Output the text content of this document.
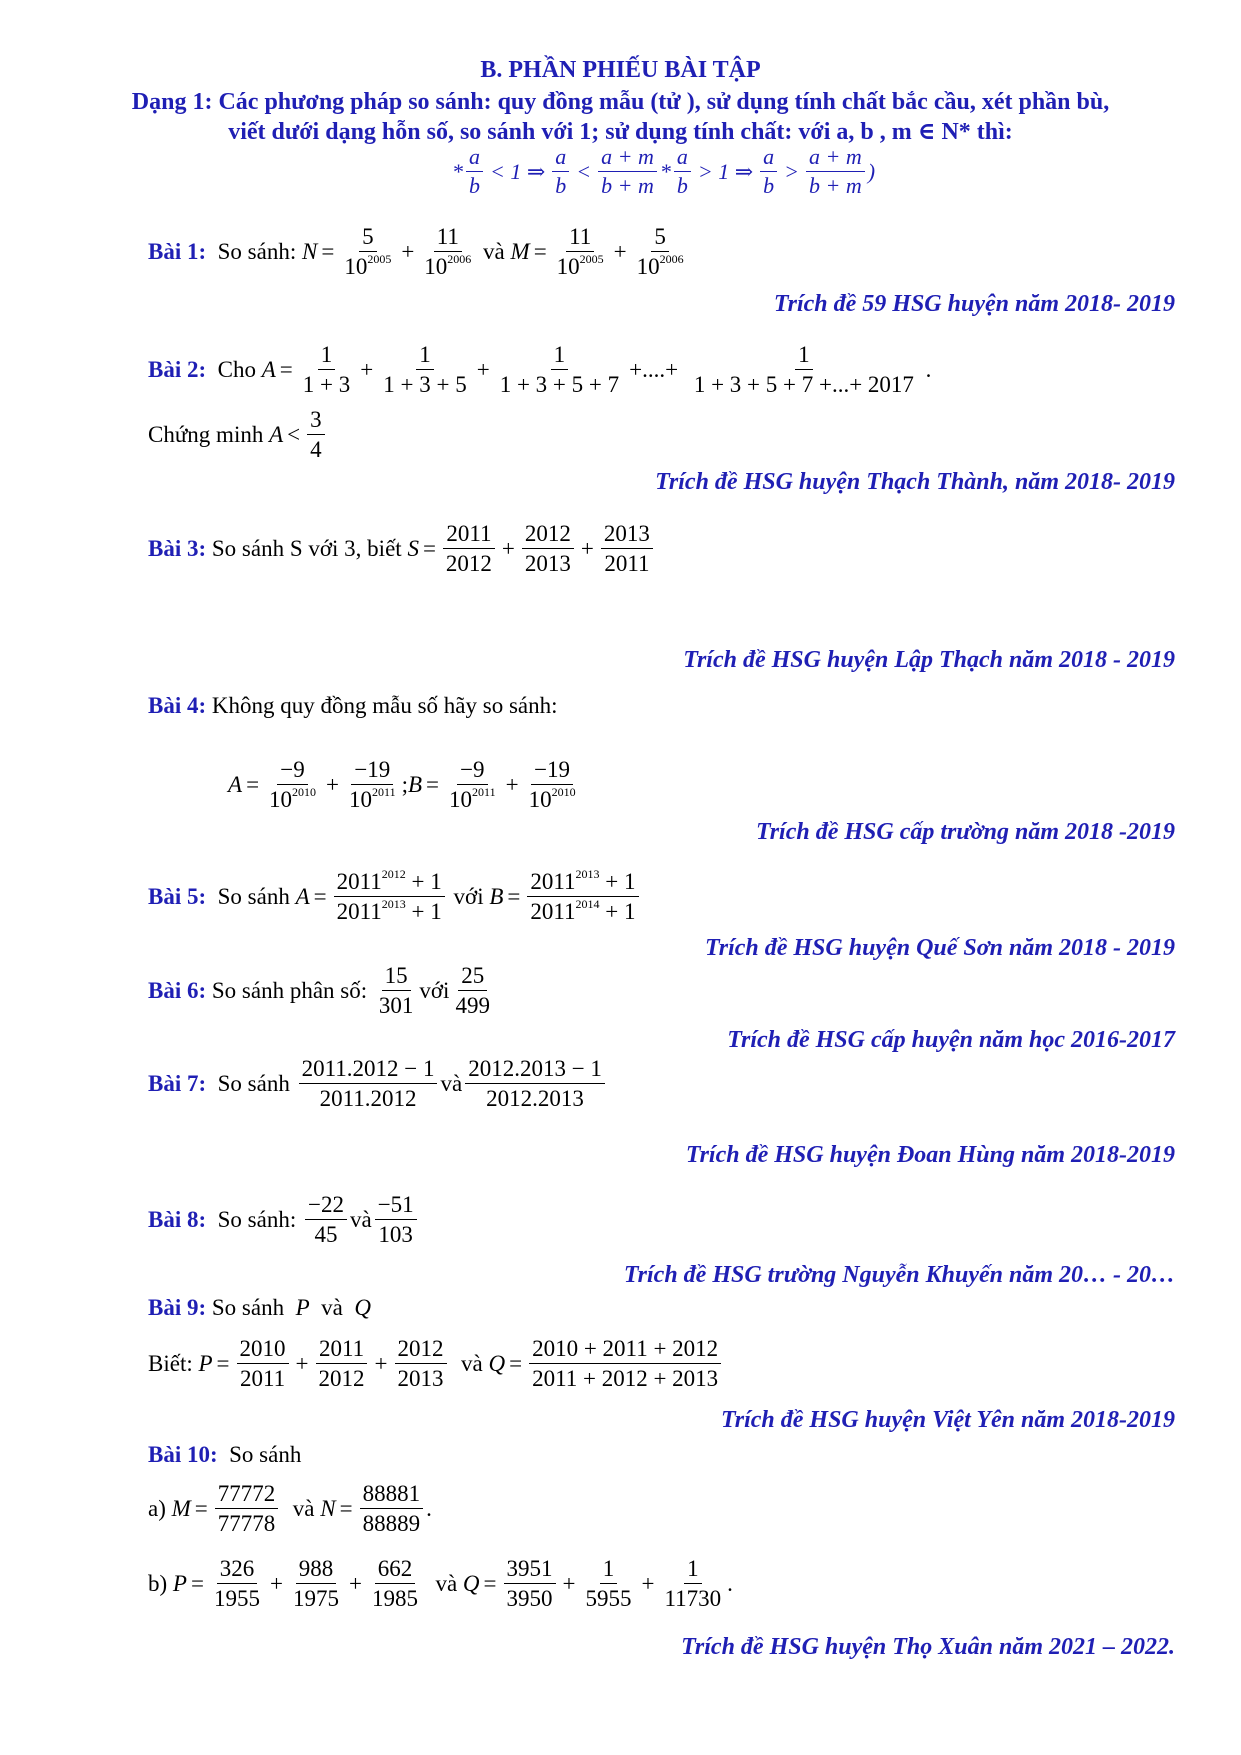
B. PHẦN PHIẾU BÀI TẬP
Dạng 1: Các phương pháp so sánh: quy đồng mẫu (tử ), sử dụng tính chất bắc cầu, xét phần bù,
viết dưới dạng hỗn số, so sánh với 1; sử dụng tính chất: với a, b , m ∈ N* thì:
* $\frac{a}{b} < 1$ ⇒ $\frac{a}{b} < \frac{a + m}{b + m} * \frac{a}{b} > 1$ ⇒ $\frac{a}{b} > \frac{a + m}{b + m}$ )
Bài 1:
So sánh:
$N = \frac{5}{10^{2005}} + \frac{11}{10^{2006}}$
và
$M = \frac{11}{10^{2005}} + \frac{5}{10^{2006}}$
Trích đề 59 HSG huyện năm 2018- 2019
Bài 2:
Cho
$A = \frac{1}{1 + 3} + \frac{1}{1 + 3 + 5} + \frac{1}{1 + 3 + 5 + 7}$ +....+ $\frac{1}{1 + 3 + 5 + 7 +...+ 2017}$ .
Chứng minh
$A < \frac{3}{4}$
Trích đề HSG huyện Thạch Thành, năm 2018- 2019
Bài 3:
So sánh S với 3, biết
$S = \frac{2011}{2012} + \frac{2012}{2013} + \frac{2013}{2011}$
Trích đề HSG huyện Lập Thạch năm 2018 - 2019
Bài 4: Không quy đồng mẫu số hãy so sánh:
$A = \frac{-9}{10^{2010}} + \frac{-19}{10^{2011}}$ ; $B = \frac{-9}{10^{2011}} + \frac{-19}{10^{2010}}$
Trích đề HSG cấp trường năm 2018 -2019
Bài 5:
So sánh
$A = \frac{2011^{2012} + 1}{2011^{2013} + 1}$
với
$B = \frac{2011^{2013} + 1}{2011^{2014} + 1}$
Trích đề HSG huyện Quế Sơn năm 2018 - 2019
Bài 6:
So sánh phân số:
$\frac{15}{301}$ với $\frac{25}{499}$
Trích đề HSG cấp huyện năm học 2016-2017
Bài 7:
So sánh
$\frac{2011.2012 - 1}{2011.2012}$ và $\frac{2012.2013 - 1}{2012.2013}$
Trích đề HSG huyện Đoan Hùng năm 2018-2019
Bài 8:
So sánh:
$\frac{-22}{45}$ và $\frac{-51}{103}$
Trích đề HSG trường Nguyễn Khuyến năm 20… - 20…
Bài 9: So sánh  P  và  Q
Biết:
$P = \frac{2010}{2011} + \frac{2011}{2012} + \frac{2012}{2013}$
và
$Q = \frac{2010 + 2011 + 2012}{2011 + 2012 + 2013}$
Trích đề HSG huyện Việt Yên năm 2018-2019
Bài 10: So sánh
a)
$M = \frac{77772}{77778}$
và
$N = \frac{88881}{88889}$ .
b)
$P = \frac{326}{1955} + \frac{988}{1975} + \frac{662}{1985}$
và
$Q = \frac{3951}{3950} + \frac{1}{5955} + \frac{1}{11730}$ .
Trích đề HSG huyện Thọ Xuân năm 2021 – 2022.
